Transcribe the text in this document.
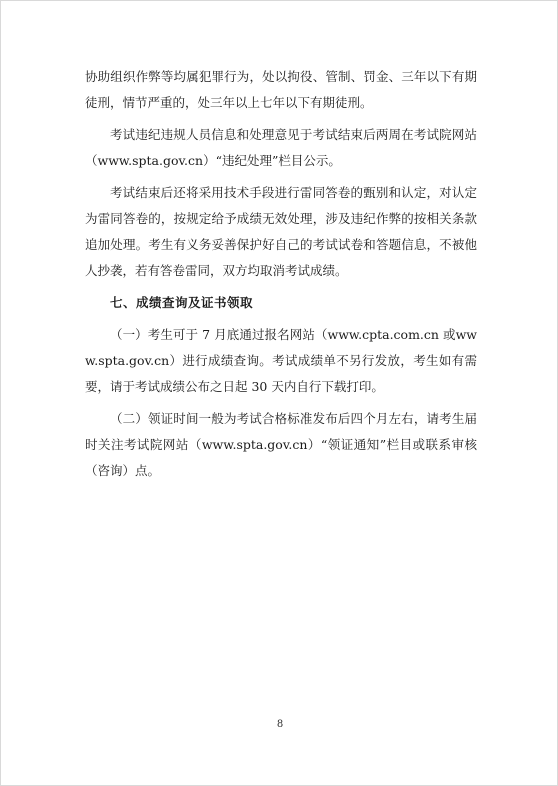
协助组织作弊等均属犯罪行为，处以拘役、管制、罚金、三年以下有期徒刑，情节严重的，处三年以上七年以下有期徒刑。

考试违纪违规人员信息和处理意见于考试结束后两周在考试院网站（www.spta.gov.cn）“违纪处理”栏目公示。

考试结束后还将采用技术手段进行雷同答卷的甄别和认定，对认定为雷同答卷的，按规定给予成绩无效处理，涉及违纪作弊的按相关条款追加处理。考生有义务妥善保护好自己的考试试卷和答题信息，不被他人抄袭，若有答卷雷同，双方均取消考试成绩。

七、成绩查询及证书领取

（一）考生可于 7 月底通过报名网站（www.cpta.com.cn 或www.spta.gov.cn）进行成绩查询。考试成绩单不另行发放，考生如有需要，请于考试成绩公布之日起 30 天内自行下载打印。

（二）领证时间一般为考试合格标准发布后四个月左右，请考生届时关注考试院网站（www.spta.gov.cn）“领证通知”栏目或联系审核（咨询）点。

8
